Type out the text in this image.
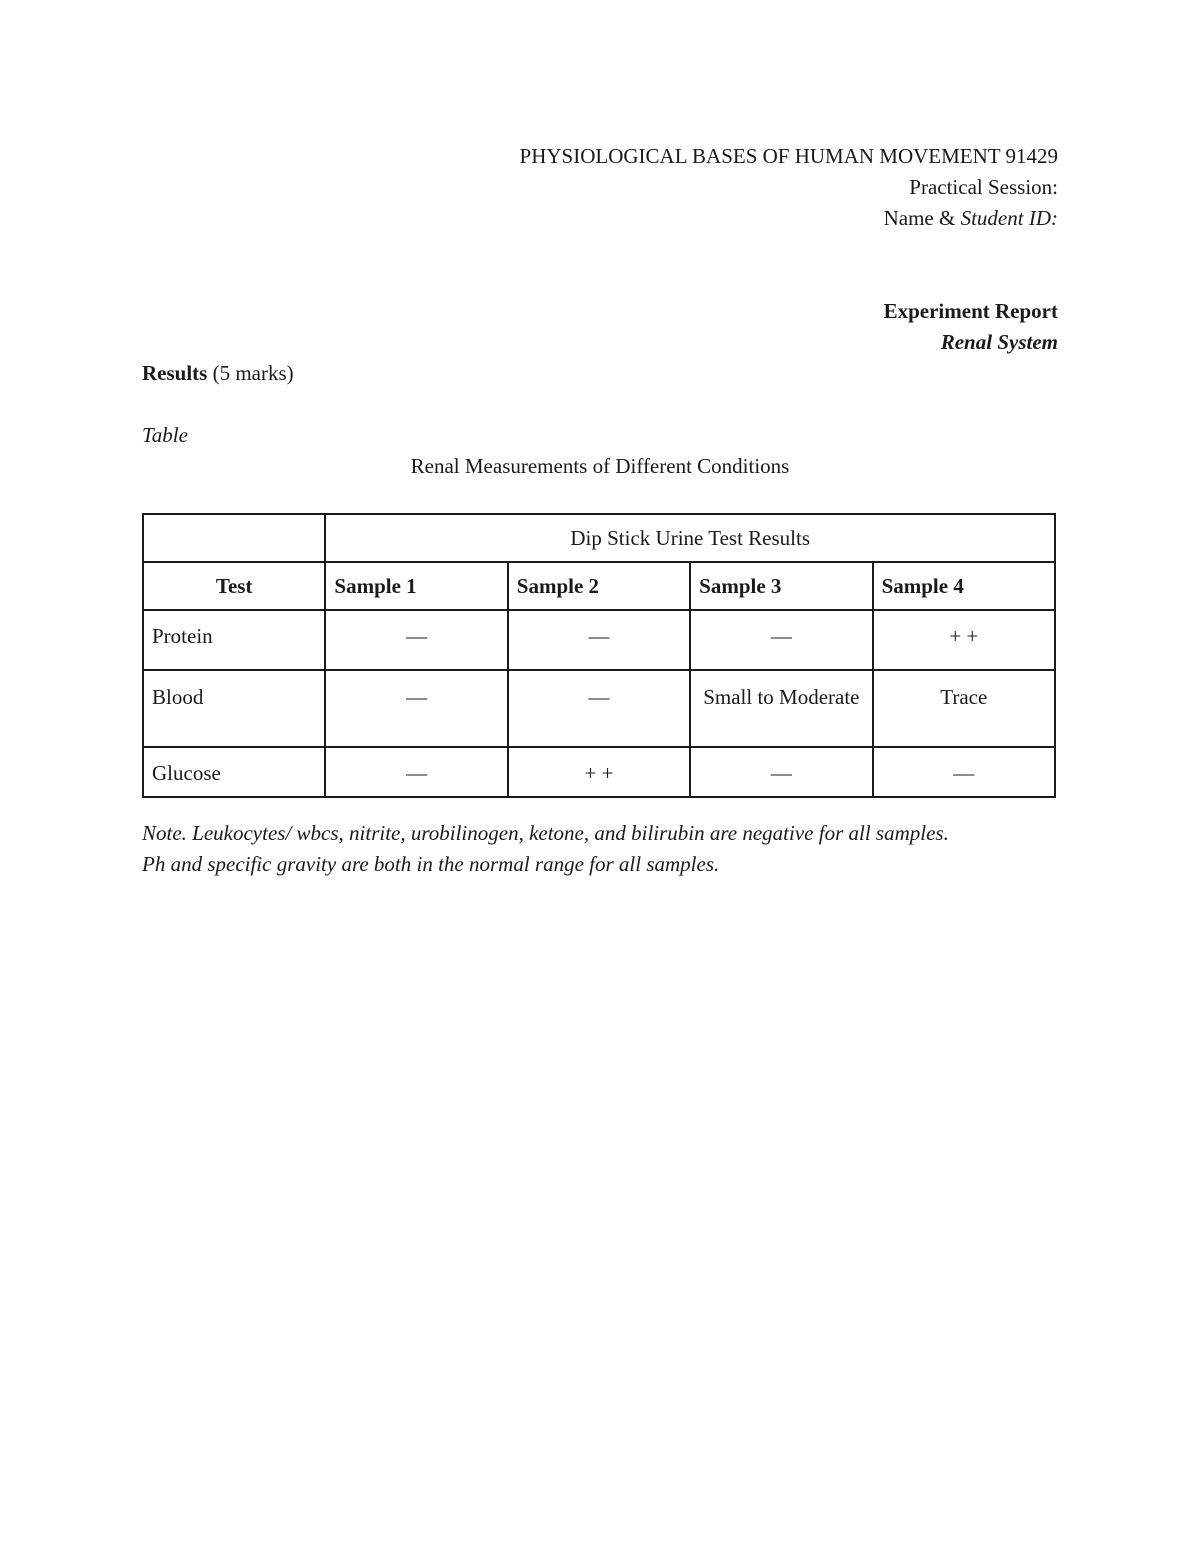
PHYSIOLOGICAL BASES OF HUMAN MOVEMENT 91429
Practical Session:
Name & Student ID:
Experiment Report
Renal System
Results (5 marks)
Table
Renal Measurements of Different Conditions
	Dip Stick Urine Test Results			
Test	Sample 1	Sample 2	Sample 3	Sample 4
Protein	—	—	—	+ +
Blood	—	—	Small to Moderate	Trace
Glucose	—	+ +	—	—
Note. Leukocytes/ wbcs, nitrite, urobilinogen, ketone, and bilirubin are negative for all samples.
Ph and specific gravity are both in the normal range for all samples.
